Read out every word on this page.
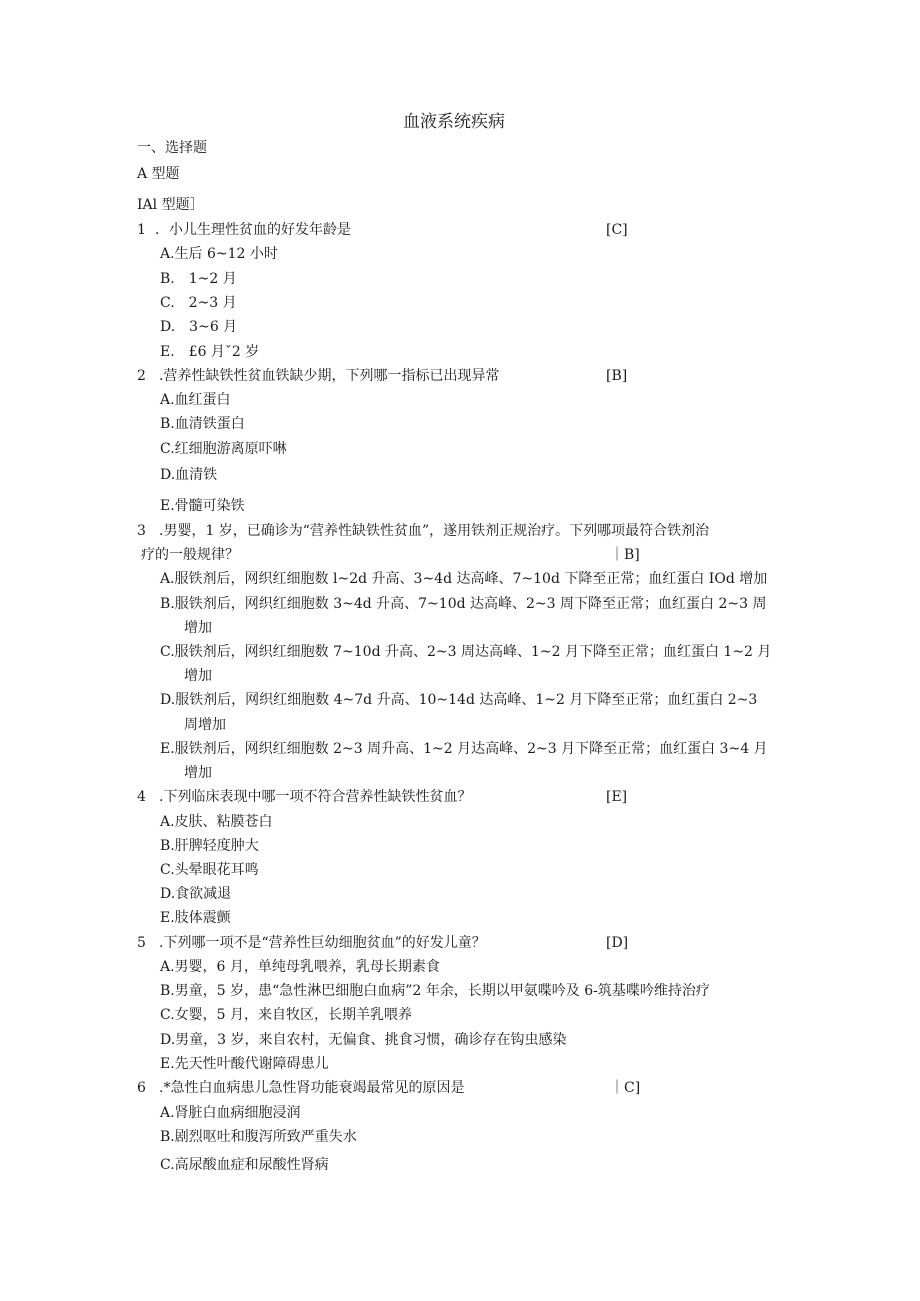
血液系统疾病
一、选择题
A 型题
IAl 型题］
1 ．小儿生理性贫血的好发年龄是	[C]
A.生后 6~12 小时
B.　1~2 月
C.　2~3 月
D.　3~6 月
E.　£6 月ˇ2 岁
2 .营养性缺铁性贫血铁缺少期，下列哪一指标已出现异常	[B]
A.血红蛋白
B.血清铁蛋白
C.红细胞游离原吓啉
D.血清铁
E.骨髓可染铁
3 .男婴，1 岁，已确诊为“营养性缺铁性贫血”，遂用铁剂正规治疗。下列哪项最符合铁剂治
疗的一般规律？	｜B]
A.服铁剂后，网织红细胞数 l~2d 升高、3~4d 达高峰、7~10d 下降至正常；血红蛋白 IOd 增加
B.服铁剂后，网织红细胞数 3~4d 升高、7~10d 达高峰、2~3 周下降至正常；血红蛋白 2~3 周
增加
C.服铁剂后，网织红细胞数 7~10d 升高、2~3 周达高峰、1~2 月下降至正常；血红蛋白 1~2 月
增加
D.服铁剂后，网织红细胞数 4~7d 升高、10~14d 达高峰、1~2 月下降至正常；血红蛋白 2~3
周增加
E.服铁剂后，网织红细胞数 2~3 周升高、1~2 月达高峰、2~3 月下降至正常；血红蛋白 3~4 月
增加
4 .下列临床表现中哪一项不符合营养性缺铁性贫血？	[E]
A.皮肤、粘膜苍白
B.肝脾轻度肿大
C.头晕眼花耳鸣
D.食欲减退
E.肢体震颤
5 .下列哪一项不是“营养性巨幼细胞贫血”的好发儿童？	[D]
A.男婴，6 月，单纯母乳喂养，乳母长期素食
B.男童，5 岁，患“急性淋巴细胞白血病”2 年余，长期以甲氨喋吟及 6-筑基喋吟维持治疗
C.女婴，5 月，来自牧区，长期羊乳喂养
D.男童，3 岁，来自农村，无偏食、挑食习惯，确诊存在钩虫感染
E.先天性叶酸代谢障碍患儿
6 .*急性白血病患儿急性肾功能衰竭最常见的原因是	｜C]
A.肾脏白血病细胞浸润
B.剧烈呕吐和腹泻所致严重失水
C.高尿酸血症和尿酸性肾病
